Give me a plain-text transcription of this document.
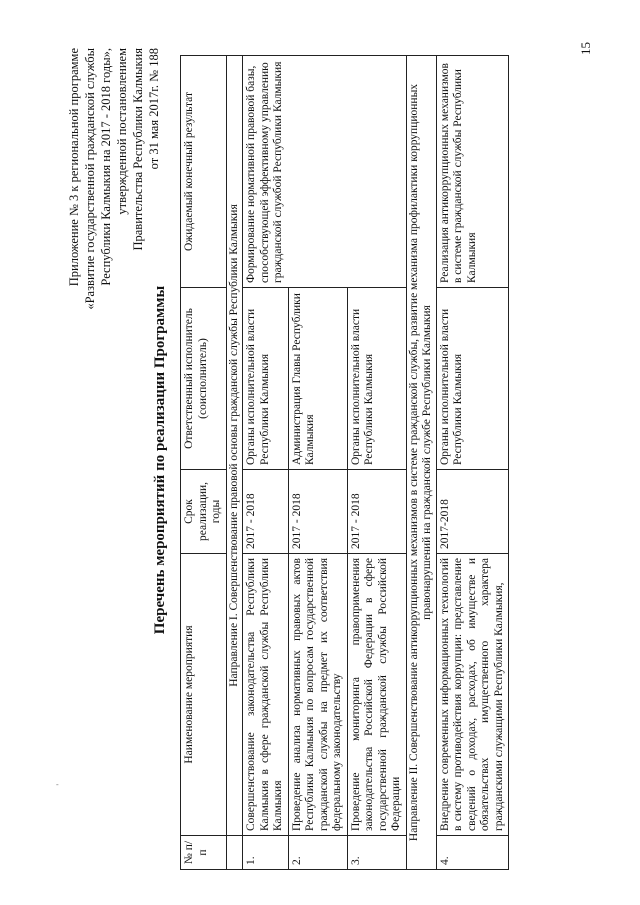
Приложение № 3 к региональной программе «Развитие государственной гражданской службы Республики Калмыкия на 2017 - 2018 годы», утвержденной постановлением Правительства Республики Калмыкия от 31 мая 2017г. № 188
Перечень мероприятий по реализации Программы
№ п/п	Наименование мероприятия	Срок реализации, годы	Ответственный исполнитель (соисполнитель)	Ожидаемый конечный результат
	Направление I. Совершенствование правовой основы гражданской службы Республики Калмыкия			
1.	Совершенствование законодательства Республики Калмыкия в сфере гражданской службы Республики Калмыкия	2017 - 2018	Органы исполнительной власти Республики Калмыкия	Формирование нормативной правовой базы, способствующей эффективному управлению гражданской службой Республики Калмыкия
2.	Проведение анализа нормативных правовых актов Республики Калмыкия по вопросам государственной гражданской службы на предмет их соответствия федеральному законодательству	2017 - 2018	Администрация Главы Республики Калмыкия	
3.	Проведение мониторинга правоприменения законодательства Российской Федерации в сфере государственной гражданской службы Российской Федерации	2017 - 2018	Органы исполнительной власти Республики Калмыкия	
Направление II. Совершенствование антикоррупционных механизмов в системе гражданской службы, развитие механизма профилактики коррупционных правонарушений на гражданской службе Республики Калмыкия				
4.	Внедрение современных информационных технологий в систему противодействия коррупции: представление сведений о доходах, расходах, об имуществе и обязательствах имущественного характера гражданскими служащими Республики Калмыкия,	2017-2018	Органы исполнительной власти Республики Калмыкия	Реализация антикоррупционных механизмов в системе гражданской службы Республики Калмыкия
15
-
